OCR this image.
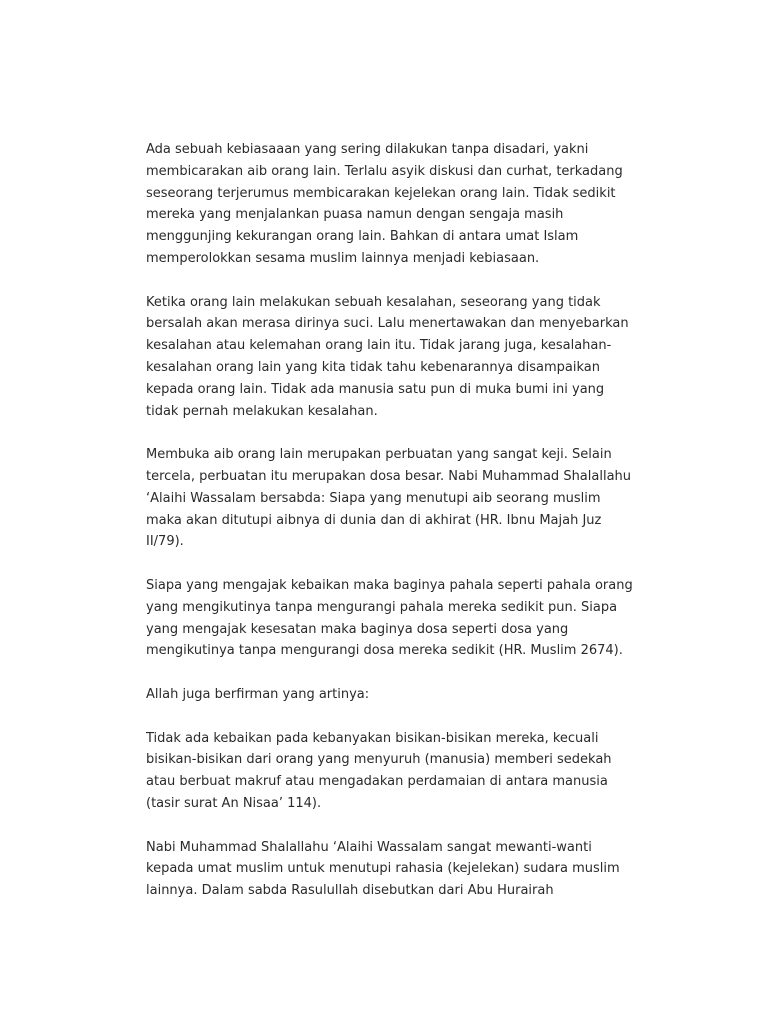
Ada sebuah kebiasaaan yang sering dilakukan tanpa disadari, yakni
membicarakan aib orang lain. Terlalu asyik diskusi dan curhat, terkadang
seseorang terjerumus membicarakan kejelekan orang lain. Tidak sedikit
mereka yang menjalankan puasa namun dengan sengaja masih
menggunjing kekurangan orang lain. Bahkan di antara umat Islam
memperolokkan sesama muslim lainnya menjadi kebiasaan.

Ketika orang lain melakukan sebuah kesalahan, seseorang yang tidak
bersalah akan merasa dirinya suci. Lalu menertawakan dan menyebarkan
kesalahan atau kelemahan orang lain itu. Tidak jarang juga, kesalahan-
kesalahan orang lain yang kita tidak tahu kebenarannya disampaikan
kepada orang lain. Tidak ada manusia satu pun di muka bumi ini yang
tidak pernah melakukan kesalahan.

Membuka aib orang lain merupakan perbuatan yang sangat keji. Selain
tercela, perbuatan itu merupakan dosa besar. Nabi Muhammad Shalallahu
‘Alaihi Wassalam bersabda: Siapa yang menutupi aib seorang muslim
maka akan ditutupi aibnya di dunia dan di akhirat (HR. Ibnu Majah Juz
II/79).

Siapa yang mengajak kebaikan maka baginya pahala seperti pahala orang
yang mengikutinya tanpa mengurangi pahala mereka sedikit pun. Siapa
yang mengajak kesesatan maka baginya dosa seperti dosa yang
mengikutinya tanpa mengurangi dosa mereka sedikit (HR. Muslim 2674).

Allah juga berfirman yang artinya:

Tidak ada kebaikan pada kebanyakan bisikan-bisikan mereka, kecuali
bisikan-bisikan dari orang yang menyuruh (manusia) memberi sedekah
atau berbuat makruf atau mengadakan perdamaian di antara manusia
(tasir surat An Nisaa’ 114).

Nabi Muhammad Shalallahu ‘Alaihi Wassalam sangat mewanti-wanti
kepada umat muslim untuk menutupi rahasia (kejelekan) sudara muslim
lainnya. Dalam sabda Rasulullah disebutkan dari Abu Hurairah
